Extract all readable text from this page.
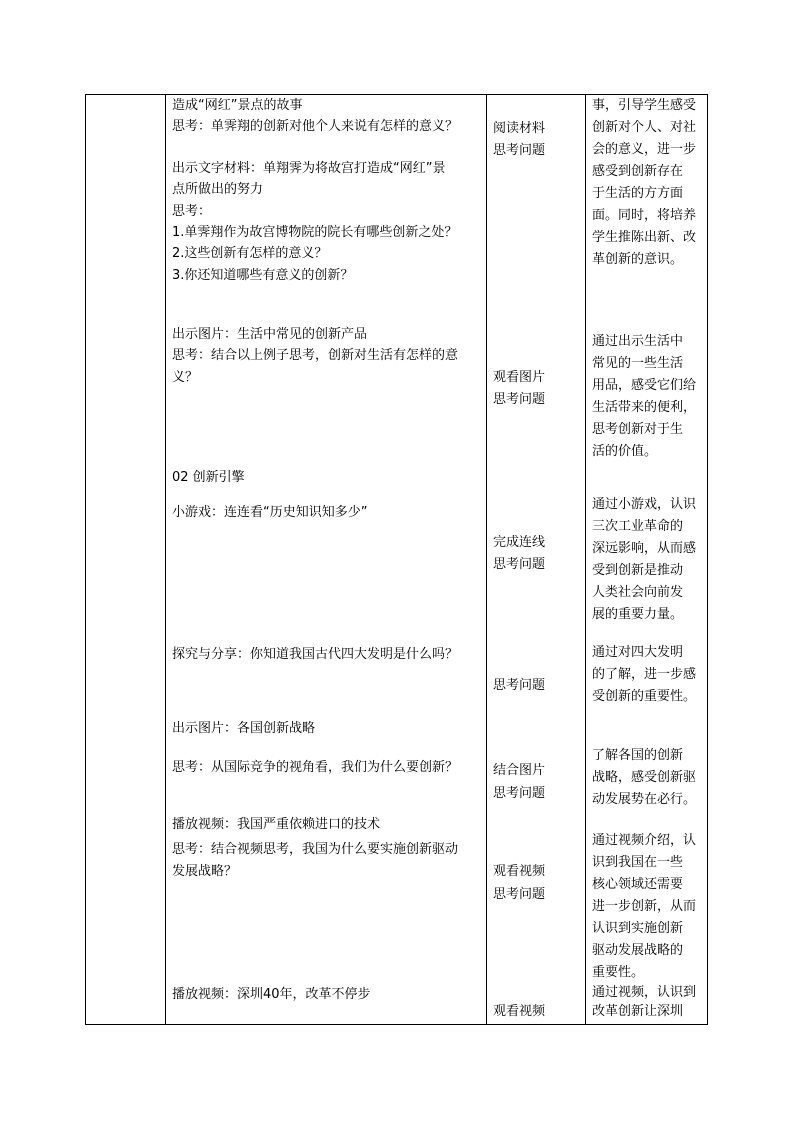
造成“网红”景点的故事
思考：单霁翔的创新对他个人来说有怎样的意义？
出示文字材料：单翔霁为将故宫打造成“网红”景
点所做出的努力
思考：
1.单霁翔作为故宫博物院的院长有哪些创新之处？
2.这些创新有怎样的意义？
3.你还知道哪些有意义的创新？
出示图片：生活中常见的创新产品
思考：结合以上例子思考，创新对生活有怎样的意
义？
02 创新引擎
小游戏：连连看“历史知识知多少”
探究与分享：你知道我国古代四大发明是什么吗？
出示图片：各国创新战略
思考：从国际竞争的视角看，我们为什么要创新？
播放视频：我国严重依赖进口的技术
思考：结合视频思考，我国为什么要实施创新驱动
发展战略？
播放视频：深圳40年，改革不停步
阅读材料
思考问题
观看图片
思考问题
完成连线
思考问题
思考问题
结合图片
思考问题
观看视频
思考问题
观看视频
事，引导学生感受
创新对个人、对社
会的意义，进一步
感受到创新存在
于生活的方方面
面。同时，将培养
学生推陈出新、改
革创新的意识。
通过出示生活中
常见的一些生活
用品，感受它们给
生活带来的便利，
思考创新对于生
活的价值。
通过小游戏，认识
三次工业革命的
深远影响，从而感
受到创新是推动
人类社会向前发
展的重要力量。
通过对四大发明
的了解，进一步感
受创新的重要性。
了解各国的创新
战略，感受创新驱
动发展势在必行。
通过视频介绍，认
识到我国在一些
核心领域还需要
进一步创新，从而
认识到实施创新
驱动发展战略的
重要性。
通过视频，认识到
改革创新让深圳
